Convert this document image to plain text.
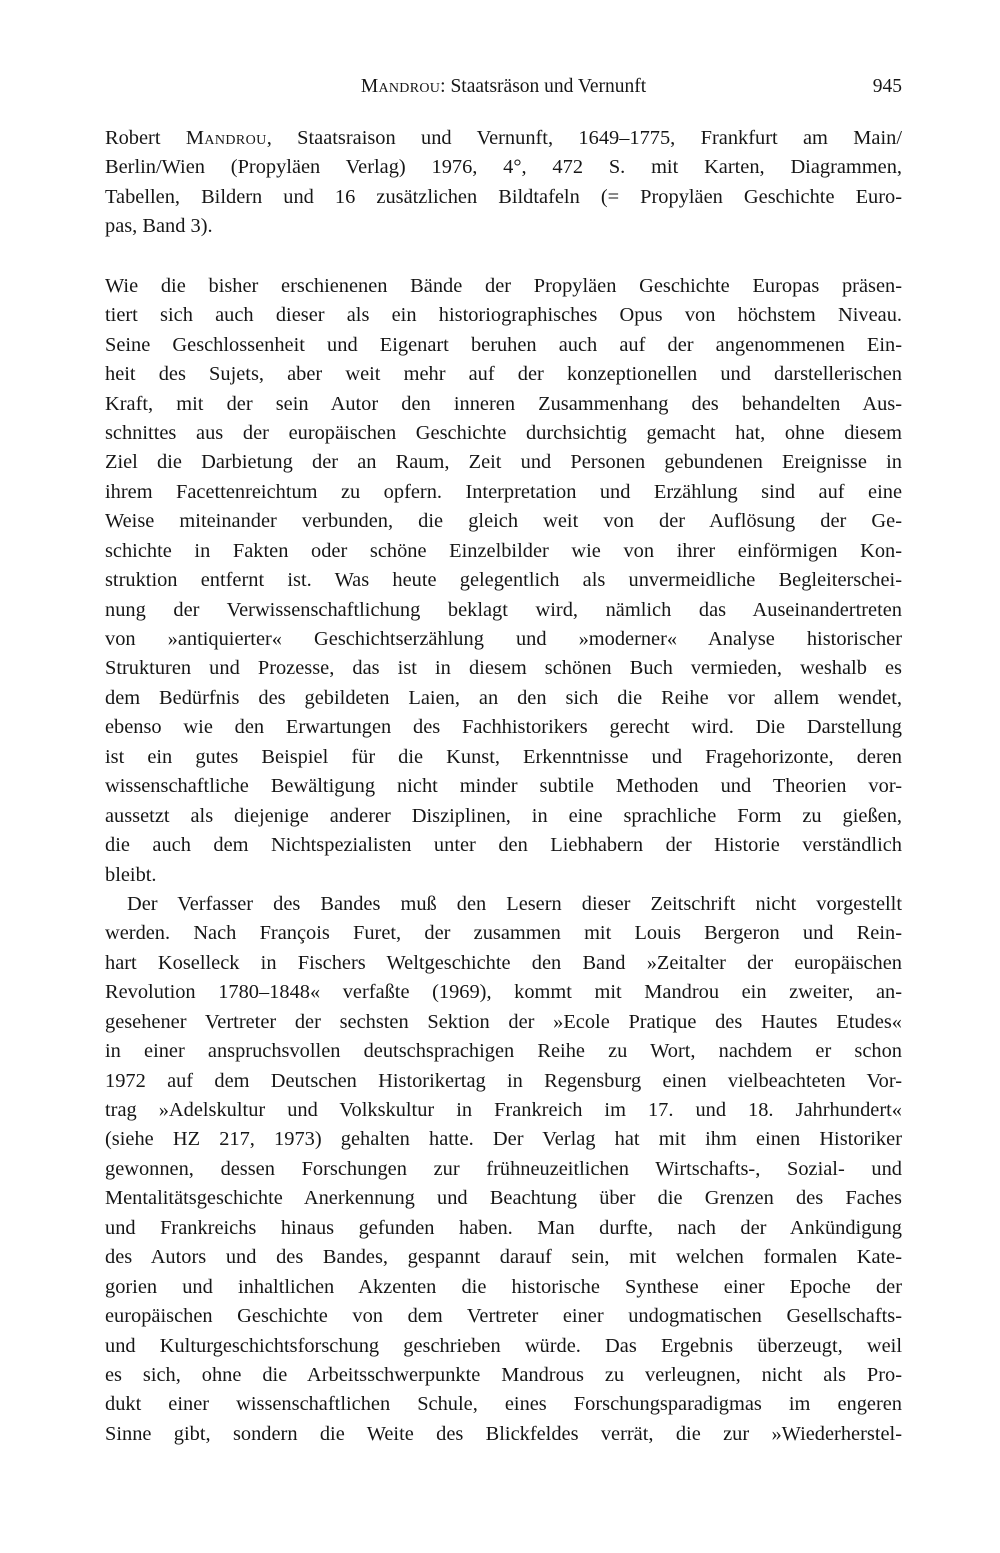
Mandrou: Staatsräson und Vernunft	945
Robert Mandrou, Staatsraison und Vernunft, 1649–1775, Frankfurt am Main/
Berlin/Wien (Propyläen Verlag) 1976, 4°, 472 S. mit Karten, Diagrammen,
Tabellen, Bildern und 16 zusätzlichen Bildtafeln (= Propyläen Geschichte Euro-
pas, Band 3).
Wie die bisher erschienenen Bände der Propyläen Geschichte Europas präsen-
tiert sich auch dieser als ein historiographisches Opus von höchstem Niveau.
Seine Geschlossenheit und Eigenart beruhen auch auf der angenommenen Ein-
heit des Sujets, aber weit mehr auf der konzeptionellen und darstellerischen
Kraft, mit der sein Autor den inneren Zusammenhang des behandelten Aus-
schnittes aus der europäischen Geschichte durchsichtig gemacht hat, ohne diesem
Ziel die Darbietung der an Raum, Zeit und Personen gebundenen Ereignisse in
ihrem Facettenreichtum zu opfern. Interpretation und Erzählung sind auf eine
Weise miteinander verbunden, die gleich weit von der Auflösung der Ge-
schichte in Fakten oder schöne Einzelbilder wie von ihrer einförmigen Kon-
struktion entfernt ist. Was heute gelegentlich als unvermeidliche Begleiterschei-
nung der Verwissenschaftlichung beklagt wird, nämlich das Auseinandertreten
von »antiquierter« Geschichtserzählung und »moderner« Analyse historischer
Strukturen und Prozesse, das ist in diesem schönen Buch vermieden, weshalb es
dem Bedürfnis des gebildeten Laien, an den sich die Reihe vor allem wendet,
ebenso wie den Erwartungen des Fachhistorikers gerecht wird. Die Darstellung
ist ein gutes Beispiel für die Kunst, Erkenntnisse und Fragehorizonte, deren
wissenschaftliche Bewältigung nicht minder subtile Methoden und Theorien vor-
aussetzt als diejenige anderer Disziplinen, in eine sprachliche Form zu gießen,
die auch dem Nichtspezialisten unter den Liebhabern der Historie verständlich
bleibt.
Der Verfasser des Bandes muß den Lesern dieser Zeitschrift nicht vorgestellt
werden. Nach François Furet, der zusammen mit Louis Bergeron und Rein-
hart Koselleck in Fischers Weltgeschichte den Band »Zeitalter der europäischen
Revolution 1780–1848« verfaßte (1969), kommt mit Mandrou ein zweiter, an-
gesehener Vertreter der sechsten Sektion der »Ecole Pratique des Hautes Etudes«
in einer anspruchsvollen deutschsprachigen Reihe zu Wort, nachdem er schon
1972 auf dem Deutschen Historikertag in Regensburg einen vielbeachteten Vor-
trag »Adelskultur und Volkskultur in Frankreich im 17. und 18. Jahrhundert«
(siehe HZ 217, 1973) gehalten hatte. Der Verlag hat mit ihm einen Historiker
gewonnen, dessen Forschungen zur frühneuzeitlichen Wirtschafts-, Sozial- und
Mentalitätsgeschichte Anerkennung und Beachtung über die Grenzen des Faches
und Frankreichs hinaus gefunden haben. Man durfte, nach der Ankündigung
des Autors und des Bandes, gespannt darauf sein, mit welchen formalen Kate-
gorien und inhaltlichen Akzenten die historische Synthese einer Epoche der
europäischen Geschichte von dem Vertreter einer undogmatischen Gesellschafts-
und Kulturgeschichtsforschung geschrieben würde. Das Ergebnis überzeugt, weil
es sich, ohne die Arbeitsschwerpunkte Mandrous zu verleugnen, nicht als Pro-
dukt einer wissenschaftlichen Schule, eines Forschungsparadigmas im engeren
Sinne gibt, sondern die Weite des Blickfeldes verrät, die zur »Wiederherstel-
